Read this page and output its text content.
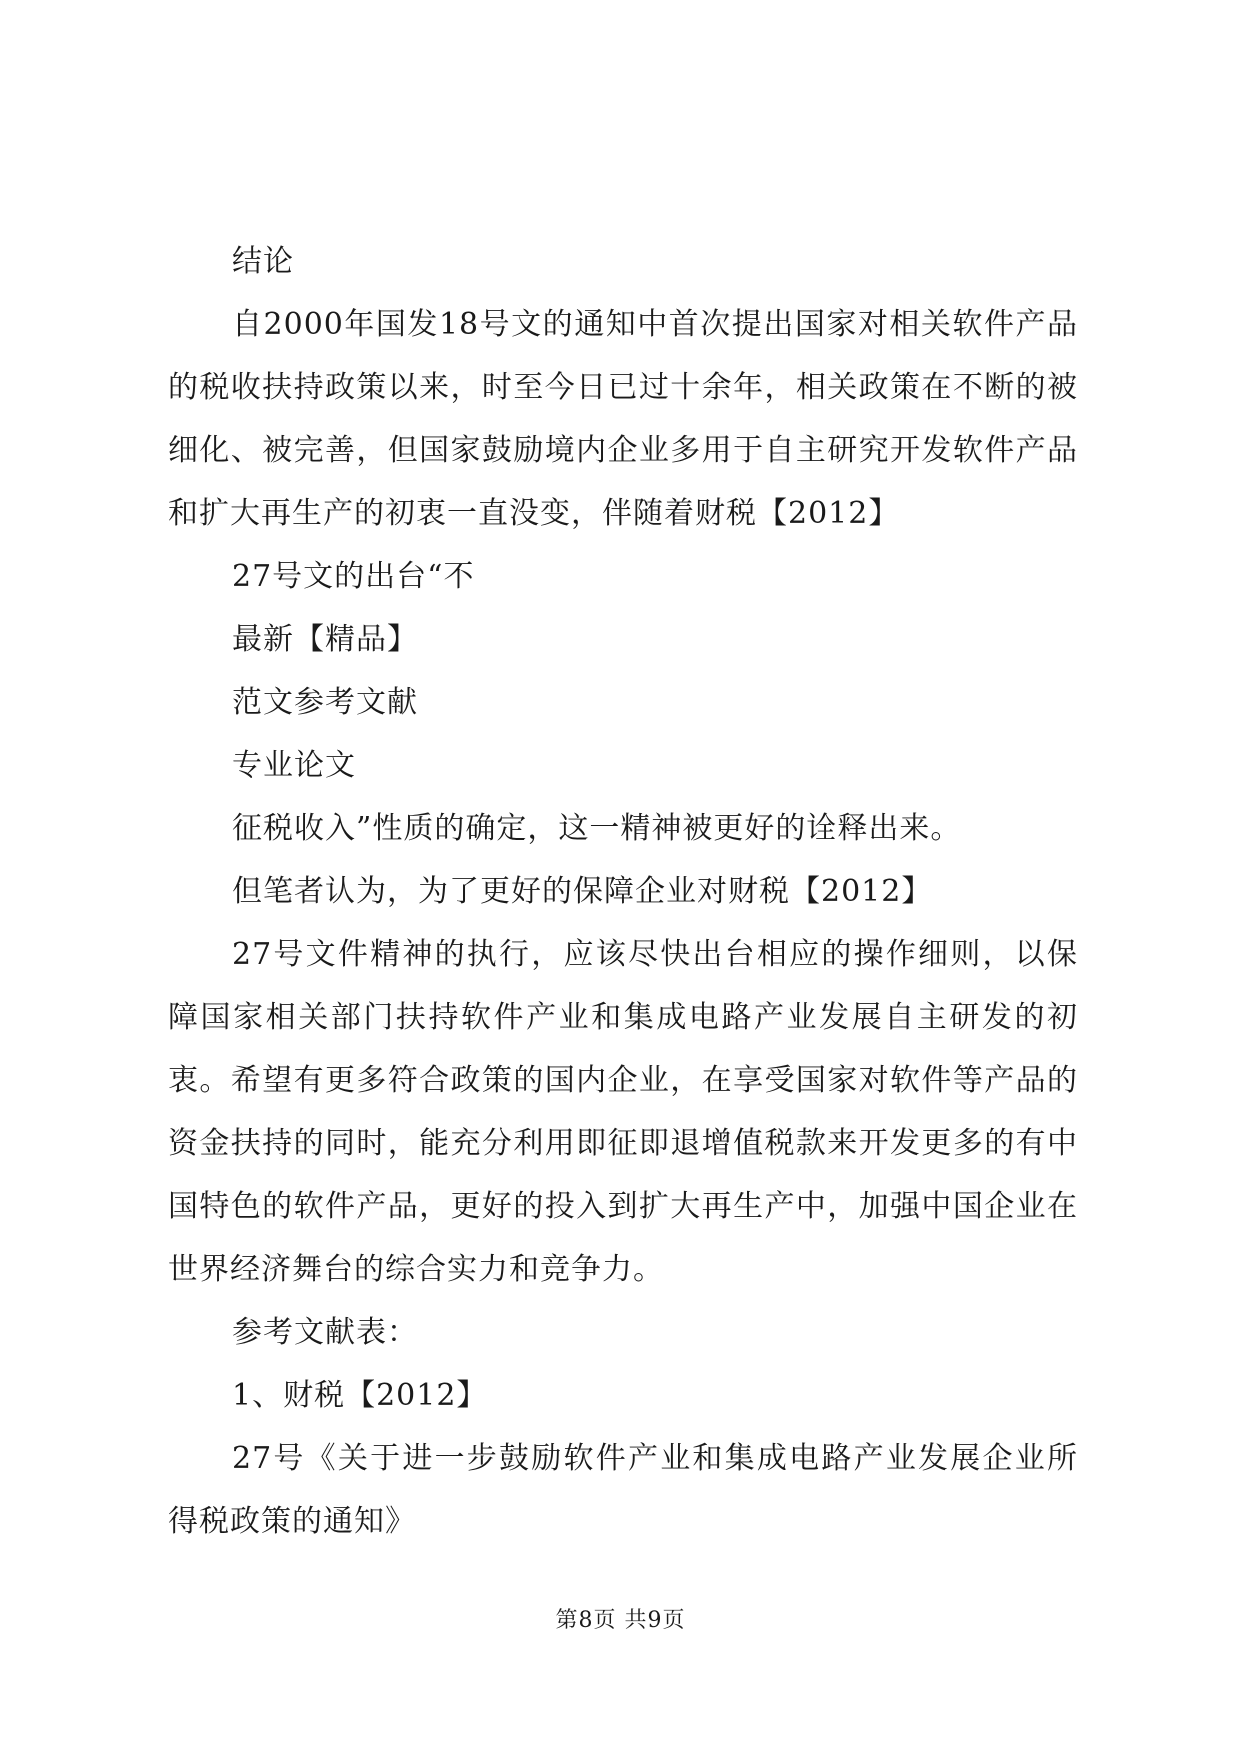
结论

自2000年国发18号文的通知中首次提出国家对相关软件产品的税收扶持政策以来，时至今日已过十余年，相关政策在不断的被细化、被完善，但国家鼓励境内企业多用于自主研究开发软件产品和扩大再生产的初衷一直没变，伴随着财税【2012】

27号文的出台“不

最新【精品】

范文参考文献

专业论文

征税收入”性质的确定，这一精神被更好的诠释出来。

但笔者认为，为了更好的保障企业对财税【2012】

27号文件精神的执行，应该尽快出台相应的操作细则，以保障国家相关部门扶持软件产业和集成电路产业发展自主研发的初衷。希望有更多符合政策的国内企业，在享受国家对软件等产品的资金扶持的同时，能充分利用即征即退增值税款来开发更多的有中国特色的软件产品，更好的投入到扩大再生产中，加强中国企业在世界经济舞台的综合实力和竞争力。

参考文献表：

1、财税【2012】

27号《关于进一步鼓励软件产业和集成电路产业发展企业所得税政策的通知》

第8页 共9页
